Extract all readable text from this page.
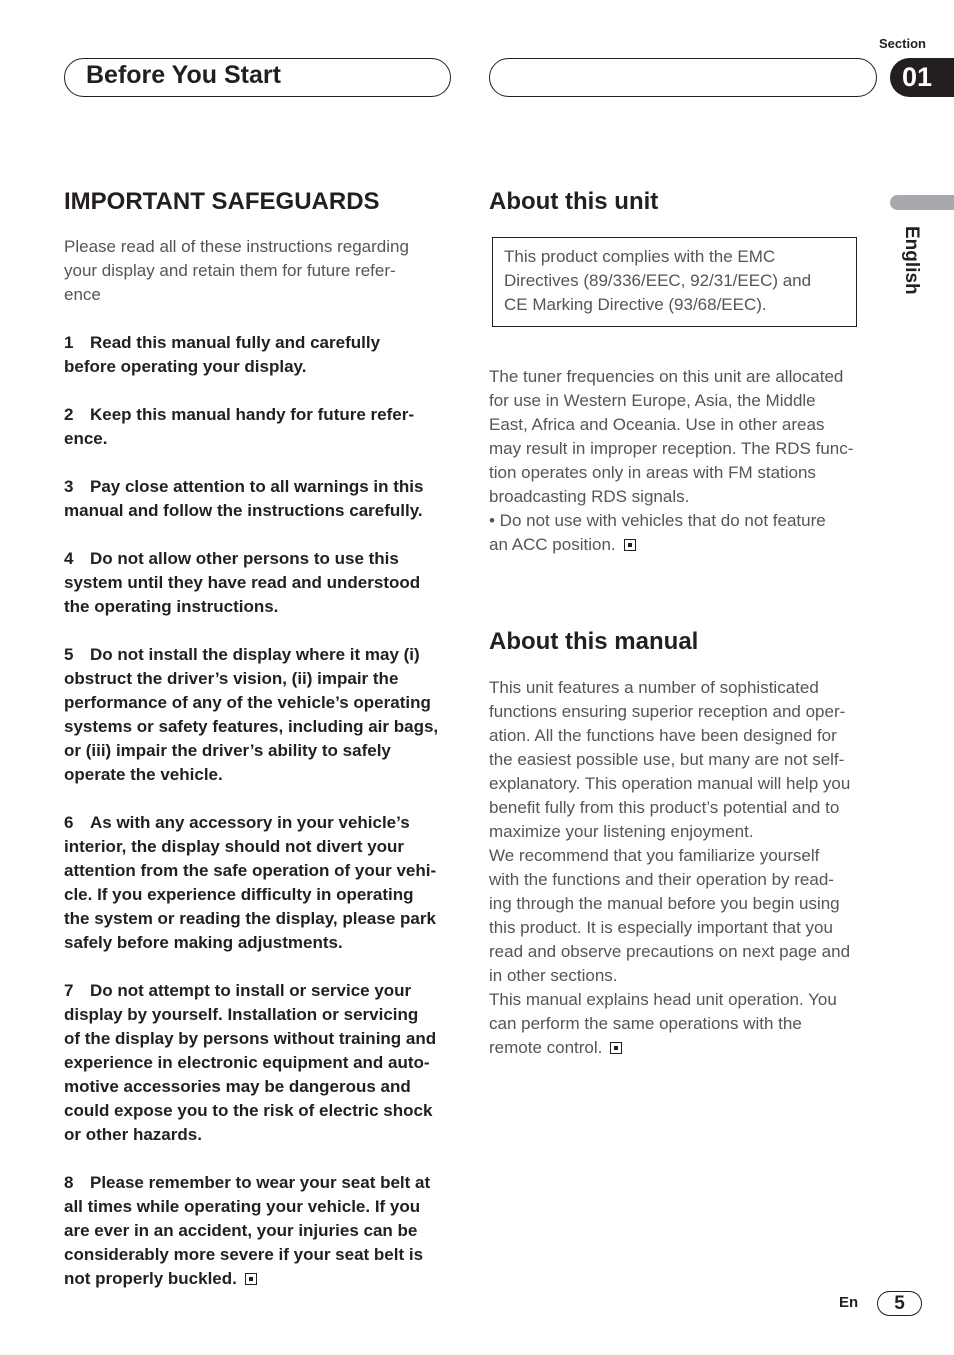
Before You Start
Section
01
English
IMPORTANT SAFEGUARDS
Please read all of these instructions regarding
your display and retain them for future refer-
ence
1 Read this manual fully and carefully
before operating your display.
2 Keep this manual handy for future refer-
ence.
3 Pay close attention to all warnings in this
manual and follow the instructions carefully.
4 Do not allow other persons to use this
system until they have read and understood
the operating instructions.
5 Do not install the display where it may (i)
obstruct the driver’s vision, (ii) impair the
performance of any of the vehicle’s operating
systems or safety features, including air bags,
or (iii) impair the driver’s ability to safely
operate the vehicle.
6 As with any accessory in your vehicle’s
interior, the display should not divert your
attention from the safe operation of your vehi-
cle. If you experience difficulty in operating
the system or reading the display, please park
safely before making adjustments.
7 Do not attempt to install or service your
display by yourself. Installation or servicing
of the display by persons without training and
experience in electronic equipment and auto-
motive accessories may be dangerous and
could expose you to the risk of electric shock
or other hazards.
8 Please remember to wear your seat belt at
all times while operating your vehicle. If you
are ever in an accident, your injuries can be
considerably more severe if your seat belt is
not properly buckled.
About this unit
This product complies with the EMC
Directives (89/336/EEC, 92/31/EEC) and
CE Marking Directive (93/68/EEC).
The tuner frequencies on this unit are allocated
for use in Western Europe, Asia, the Middle
East, Africa and Oceania. Use in other areas
may result in improper reception. The RDS func-
tion operates only in areas with FM stations
broadcasting RDS signals.
• Do not use with vehicles that do not feature
an ACC position.
About this manual
This unit features a number of sophisticated
functions ensuring superior reception and oper-
ation. All the functions have been designed for
the easiest possible use, but many are not self-
explanatory. This operation manual will help you
benefit fully from this product’s potential and to
maximize your listening enjoyment.
We recommend that you familiarize yourself
with the functions and their operation by read-
ing through the manual before you begin using
this product. It is especially important that you
read and observe precautions on next page and
in other sections.
This manual explains head unit operation. You
can perform the same operations with the
remote control.
En	5
